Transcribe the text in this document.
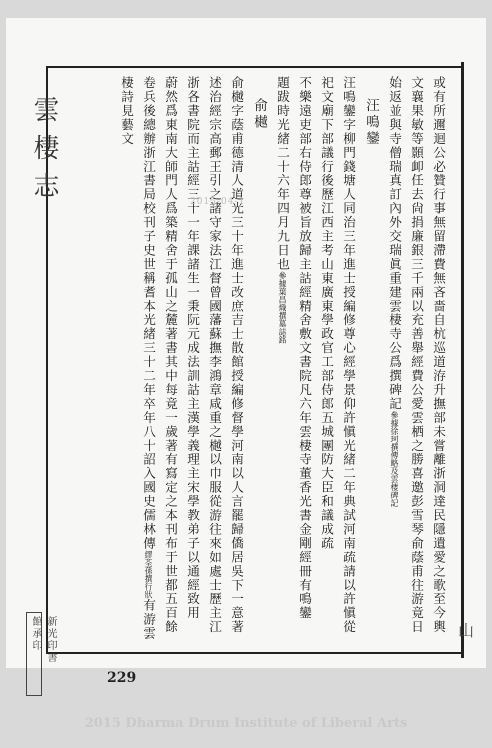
或有所邇迴公必贊行事無留滯費無吝嗇自杭巡道洊升撫部未嘗離浙洞達民隱遺愛之歌至今輿
文襄果敏等顥卹任去尙捐廉銀三千兩以充善舉經費公愛雲栖之勝喜邀彭雪琴俞蔭甫往游竟日
始返並與寺僧瑞真訂內外交瑞眞重建雲棲寺公爲撰碑記參據徐珂撰傳略及雲棲碑記
汪鳴鑾
汪鳴鑾字柳門錢塘人同治三年進士授編修尊心經學景仰許愼光緒二年典試河南疏請以許愼從
祀文廟下部議行後歷江西主考山東廣東學政官工部侍郎五城團防大臣和議成疏
不樂遠吏部右侍郎尊被旨放歸主詁經精舍敷文書院凡六年雲棲寺董香光書金剛經冊有鳴鑾
題跋時光緒二十六年四月九日也參據葉昌熾撰墓誌銘
俞樾
俞樾字蔭甫德清人道光三十年進士改庶吉士散館授編修督學河南以人言罷歸僑居吳下一意著
述治經宗高郵王引之諸守家法江督曾國藩蘇撫李鴻章咸重之樾以巾服從游往來如處士歷主江
浙各書院而主詁經三十一年課諸生一秉阮元成法訓詁主漢學義理主宋學教弟子以通經致用
蔚然爲東南大師門人爲築精舍于孤山之麓著書其中每竟一歲著有寫定之本刊布于世都五百餘
卷兵後總辦浙江書局校刊子史世稱耆本光緒三十二年卒年八十詔入國史儒林傳繆荃孫撰行狀有游雲
棲詩見藝文
2015-04-1
雲棲志
山
新光印書館承印
229
2015 Dharma Drum Institute of Liberal Arts
